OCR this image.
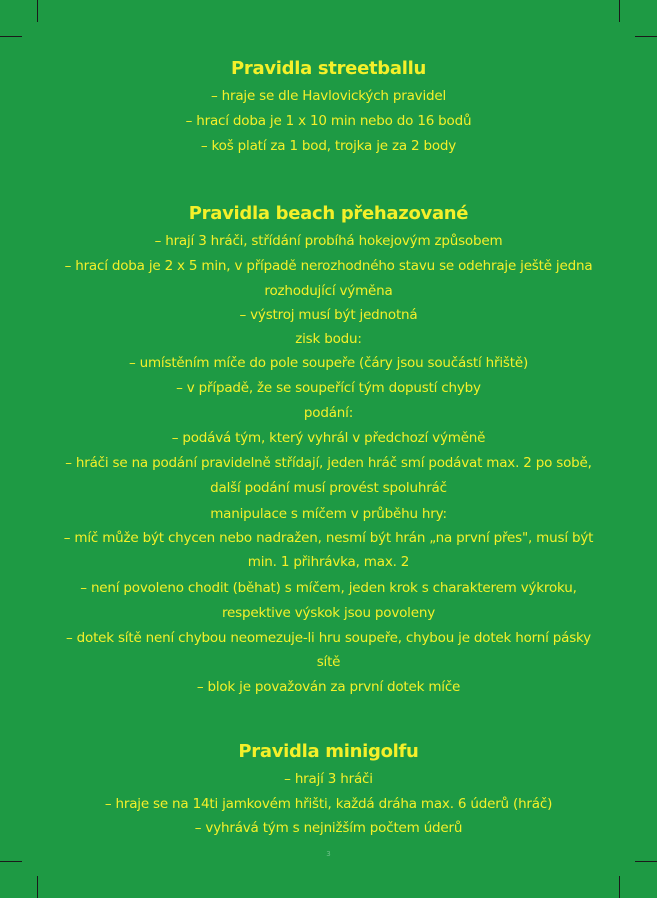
Pravidla streetballu
– hraje se dle Havlovických pravidel
– hrací doba je 1 x 10 min nebo do 16 bodů
– koš platí za 1 bod, trojka je za 2 body
Pravidla beach přehazované
– hrají 3 hráči, střídání probíhá hokejovým způsobem
– hrací doba je 2 x 5 min, v případě nerozhodného stavu se odehraje ještě jedna
rozhodující výměna
– výstroj musí být jednotná
zisk bodu:
– umístěním míče do pole soupeře (čáry jsou součástí hřiště)
– v případě, že se soupeřící tým dopustí chyby
podání:
– podává tým, který vyhrál v předchozí výměně
– hráči se na podání pravidelně střídají, jeden hráč smí podávat max. 2 po sobě,
další podání musí provést spoluhráč
manipulace s míčem v průběhu hry:
– míč může být chycen nebo nadražen, nesmí být hrán „na první přes", musí být
min. 1 přihrávka, max. 2
– není povoleno chodit (běhat) s míčem, jeden krok s charakterem výkroku,
respektive výskok jsou povoleny
– dotek sítě není chybou neomezuje-li hru soupeře, chybou je dotek horní pásky
sítě
– blok je považován za první dotek míče
Pravidla minigolfu
– hrají 3 hráči
– hraje se na 14ti jamkovém hřišti, každá dráha max. 6 úderů (hráč)
– vyhrává tým s nejnižším počtem úderů
3
